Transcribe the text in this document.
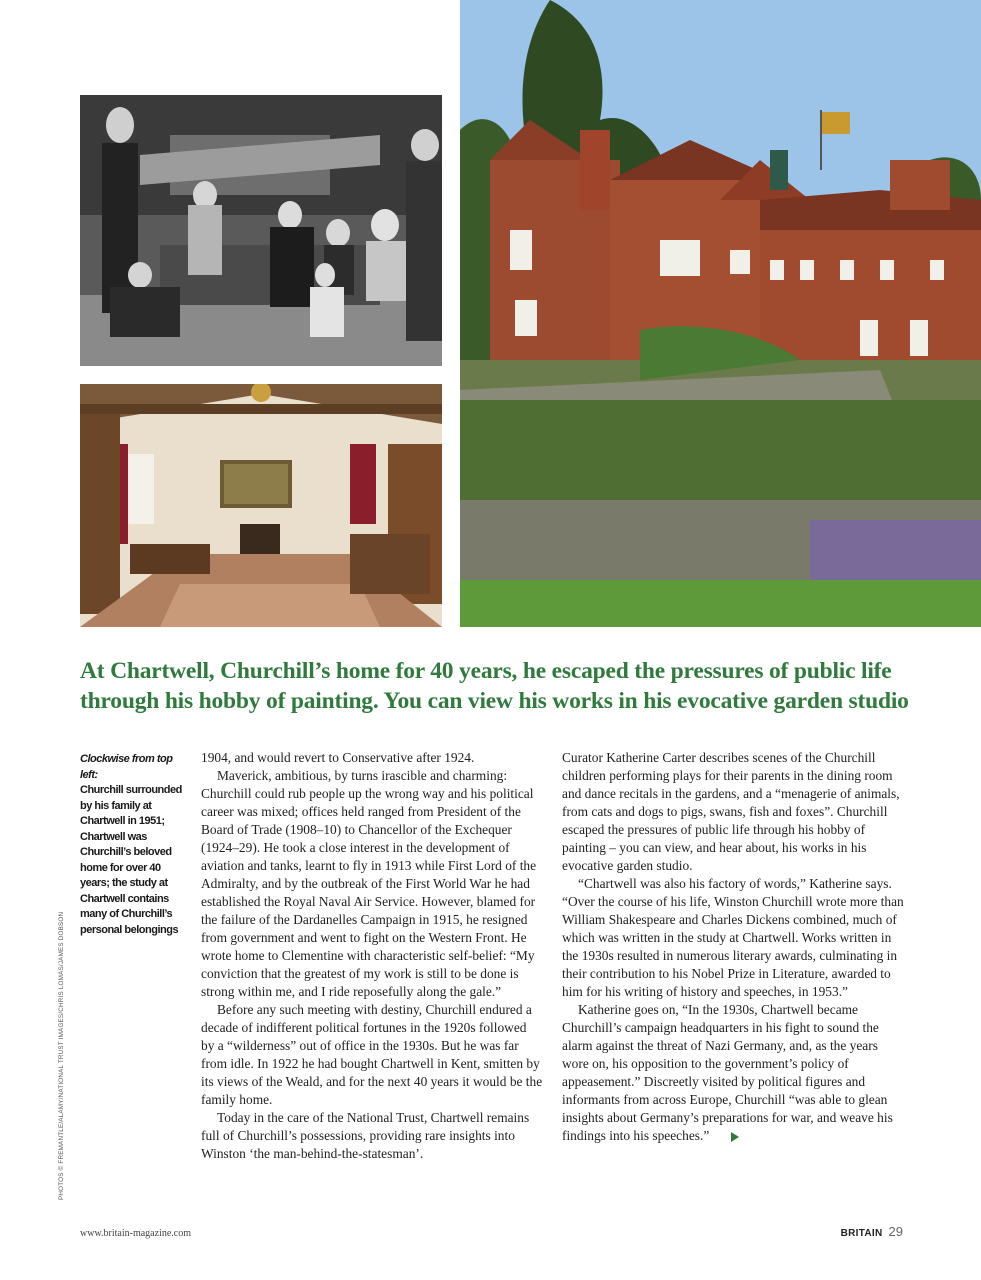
At Chartwell, Churchill’s home for 40 years, he escaped the pressures of public life through his hobby of painting. You can view his works in his evocative garden studio
Clockwise from top left:
Churchill surrounded by his family at Chartwell in 1951; Chartwell was Churchill’s beloved home for over 40 years; the study at Chartwell contains many of Churchill’s personal belongings
PHOTOS © FREMANTLE/ALAMY/NATIONAL TRUST IMAGES/CHRIS LOMAS/JAMES DOBSON

1904, and would revert to Conservative after 1924.

Maverick, ambitious, by turns irascible and charming: Churchill could rub people up the wrong way and his political career was mixed; offices held ranged from President of the Board of Trade (1908–10) to Chancellor of the Exchequer (1924–29). He took a close interest in the development of aviation and tanks, learnt to fly in 1913 while First Lord of the Admiralty, and by the outbreak of the First World War he had established the Royal Naval Air Service. However, blamed for the failure of the Dardanelles Campaign in 1915, he resigned from government and went to fight on the Western Front. He wrote home to Clementine with characteristic self-belief: “My conviction that the greatest of my work is still to be done is strong within me, and I ride reposefully along the gale.”

Before any such meeting with destiny, Churchill endured a decade of indifferent political fortunes in the 1920s followed by a “wilderness” out of office in the 1930s. But he was far from idle. In 1922 he had bought Chartwell in Kent, smitten by its views of the Weald, and for the next 40 years it would be the family home.

Today in the care of the National Trust, Chartwell remains full of Churchill’s possessions, providing rare insights into Winston ‘the man-behind-the-statesman’.

Curator Katherine Carter describes scenes of the Churchill children performing plays for their parents in the dining room and dance recitals in the gardens, and a “menagerie of animals, from cats and dogs to pigs, swans, fish and foxes”. Churchill escaped the pressures of public life through his hobby of painting – you can view, and hear about, his works in his evocative garden studio.

“Chartwell was also his factory of words,” Katherine says. “Over the course of his life, Winston Churchill wrote more than William Shakespeare and Charles Dickens combined, much of which was written in the study at Chartwell. Works written in the 1930s resulted in numerous literary awards, culminating in their contribution to his Nobel Prize in Literature, awarded to him for his writing of history and speeches, in 1953.”

Katherine goes on, “In the 1930s, Chartwell became Churchill’s campaign headquarters in his fight to sound the alarm against the threat of Nazi Germany, and, as the years wore on, his opposition to the government’s policy of appeasement.” Discreetly visited by political figures and informants from across Europe, Churchill “was able to glean insights about Germany’s preparations for war, and weave his findings into his speeches.”

www.britain-magazine.com	BRITAIN 29
